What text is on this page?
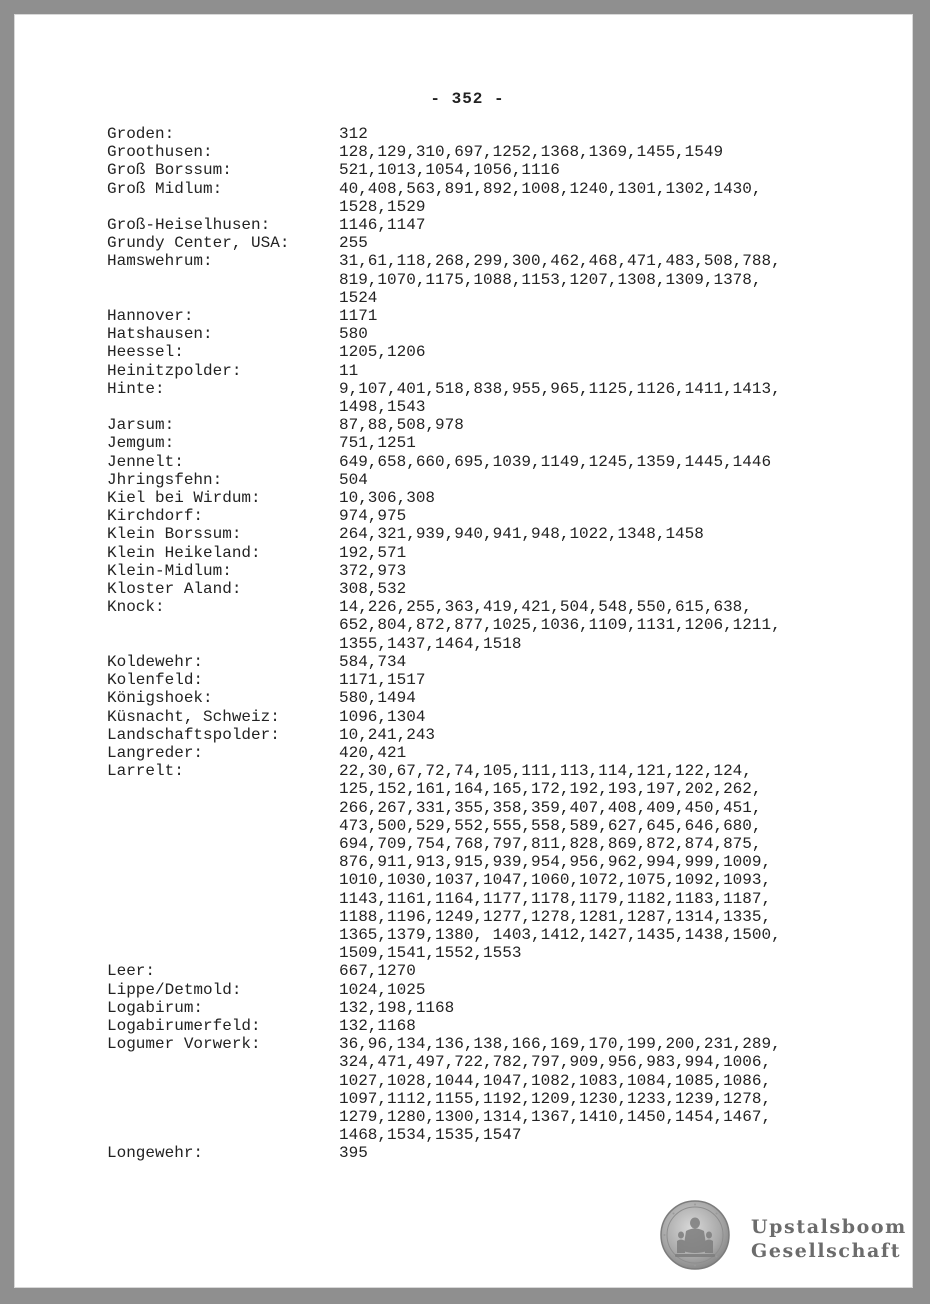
- 352 -
Groden:	312
Groothusen:	128,129,310,697,1252,1368,1369,1455,1549
Groß Borssum:	521,1013,1054,1056,1116
Groß Midlum:	40,408,563,891,892,1008,1240,1301,1302,1430,
1528,1529
Groß-Heiselhusen:	1146,1147
Grundy Center, USA:	255
Hamswehrum:	31,61,118,268,299,300,462,468,471,483,508,788,
819,1070,1175,1088,1153,1207,1308,1309,1378,
1524
Hannover:	1171
Hatshausen:	580
Heessel:	1205,1206
Heinitzpolder:	11
Hinte:	9,107,401,518,838,955,965,1125,1126,1411,1413,
1498,1543
Jarsum:	87,88,508,978
Jemgum:	751,1251
Jennelt:	649,658,660,695,1039,1149,1245,1359,1445,1446
Jhringsfehn:	504
Kiel bei Wirdum:	10,306,308
Kirchdorf:	974,975
Klein Borssum:	264,321,939,940,941,948,1022,1348,1458
Klein Heikeland:	192,571
Klein-Midlum:	372,973
Kloster Aland:	308,532
Knock:	14,226,255,363,419,421,504,548,550,615,638,
652,804,872,877,1025,1036,1109,1131,1206,1211,
1355,1437,1464,1518
Koldewehr:	584,734
Kolenfeld:	1171,1517
Königshoek:	580,1494
Küsnacht, Schweiz:	1096,1304
Landschaftspolder:	10,241,243
Langreder:	420,421
Larrelt:	22,30,67,72,74,105,111,113,114,121,122,124,
125,152,161,164,165,172,192,193,197,202,262,
266,267,331,355,358,359,407,408,409,450,451,
473,500,529,552,555,558,589,627,645,646,680,
694,709,754,768,797,811,828,869,872,874,875,
876,911,913,915,939,954,956,962,994,999,1009,
1010,1030,1037,1047,1060,1072,1075,1092,1093,
1143,1161,1164,1177,1178,1179,1182,1183,1187,
1188,1196,1249,1277,1278,1281,1287,1314,1335,
1365,1379,1380, 1403,1412,1427,1435,1438,1500,
1509,1541,1552,1553
Leer:	667,1270
Lippe/Detmold:	1024,1025
Logabirum:	132,198,1168
Logabirumerfeld:	132,1168
Logumer Vorwerk:	36,96,134,136,138,166,169,170,199,200,231,289,
324,471,497,722,782,797,909,956,983,994,1006,
1027,1028,1044,1047,1082,1083,1084,1085,1086,
1097,1112,1155,1192,1209,1230,1233,1239,1278,
1279,1280,1300,1314,1367,1410,1450,1454,1467,
1468,1534,1535,1547
Longewehr:	395
Upstalsboom
Gesellschaft
